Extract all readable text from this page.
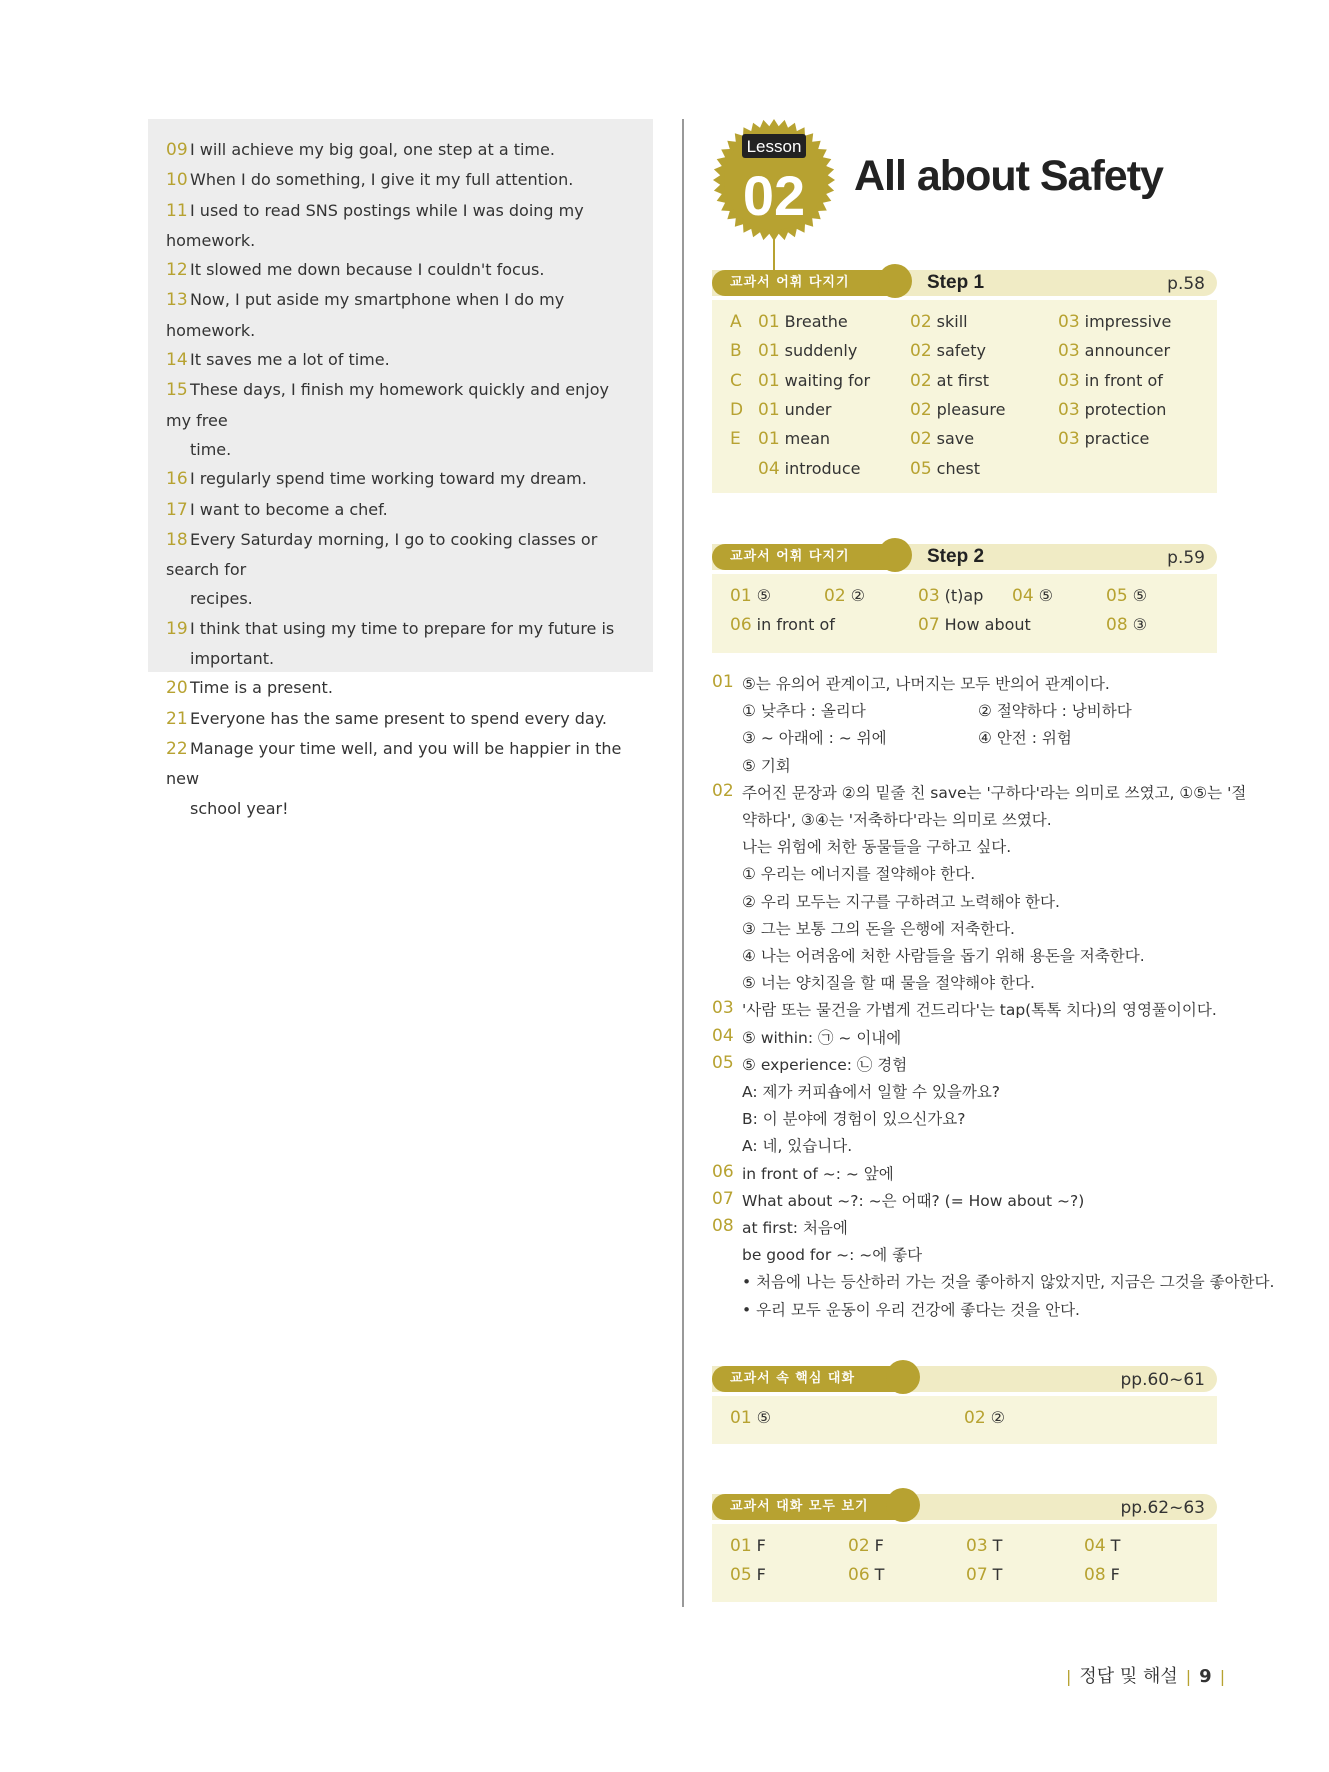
09 I will achieve my big goal, one step at a time.
10 When I do something, I give it my full attention.
11 I used to read SNS postings while I was doing my homework.
12 It slowed me down because I couldn't focus.
13 Now, I put aside my smartphone when I do my homework.
14 It saves me a lot of time.
15 These days, I finish my homework quickly and enjoy my free
time.
16 I regularly spend time working toward my dream.
17 I want to become a chef.
18 Every Saturday morning, I go to cooking classes or search for
recipes.
19 I think that using my time to prepare for my future is
important.
20 Time is a present.
21 Everyone has the same present to spend every day.
22 Manage your time well, and you will be happier in the new
school year!
Lesson
02 All about Safety
교과서 어휘 다지기	Step 1	p.58
A 01 Breathe	02 skill	03 impressive
B 01 suddenly	02 safety	03 announcer
C 01 waiting for 02 at first	03 in front of
D 01 under	02 pleasure	03 protection
E 01 mean	02 save	03 practice
04 introduce	05 chest
교과서 어휘 다지기	Step 2	p.59
01 ⑤	02 ②	03 (t)ap 04 ⑤	05 ⑤
06 in front of	07 How about	08 ③
01 ⑤는 유의어 관계이고, 나머지는 모두 반의어 관계이다.
① 낮추다 : 올리다	② 절약하다 : 낭비하다
③ ~ 아래에 : ~ 위에	④ 안전 : 위험
⑤ 기회
02 주어진 문장과 ②의 밑줄 친 save는 '구하다'라는 의미로 쓰였고, ①⑤는 '절
약하다', ③④는 '저축하다'라는 의미로 쓰였다.
나는 위험에 처한 동물들을 구하고 싶다.
① 우리는 에너지를 절약해야 한다.
② 우리 모두는 지구를 구하려고 노력해야 한다.
③ 그는 보통 그의 돈을 은행에 저축한다.
④ 나는 어려움에 처한 사람들을 돕기 위해 용돈을 저축한다.
⑤ 너는 양치질을 할 때 물을 절약해야 한다.
03 '사람 또는 물건을 가볍게 건드리다'는 tap(톡톡 치다)의 영영풀이이다.
04 ⑤ within: ㉠ ~ 이내에
05 ⑤ experience: ㉡ 경험
A: 제가 커피숍에서 일할 수 있을까요?
B: 이 분야에 경험이 있으신가요?
A: 네, 있습니다.
06 in front of ~: ~ 앞에
07 What about ~?: ~은 어때? (= How about ~?)
08 at first: 처음에
be good for ~: ~에 좋다
• 처음에 나는 등산하러 가는 것을 좋아하지 않았지만, 지금은 그것을 좋아한다.
• 우리 모두 운동이 우리 건강에 좋다는 것을 안다.
교과서 속 핵심 대화	pp.60~61
01 ⑤	02 ②
교과서 대화 모두 보기	pp.62~63
01 F	02 F	03 T	04 T
05 F	06 T	07 T	08 F
| 정답 및 해설 | 9 |
